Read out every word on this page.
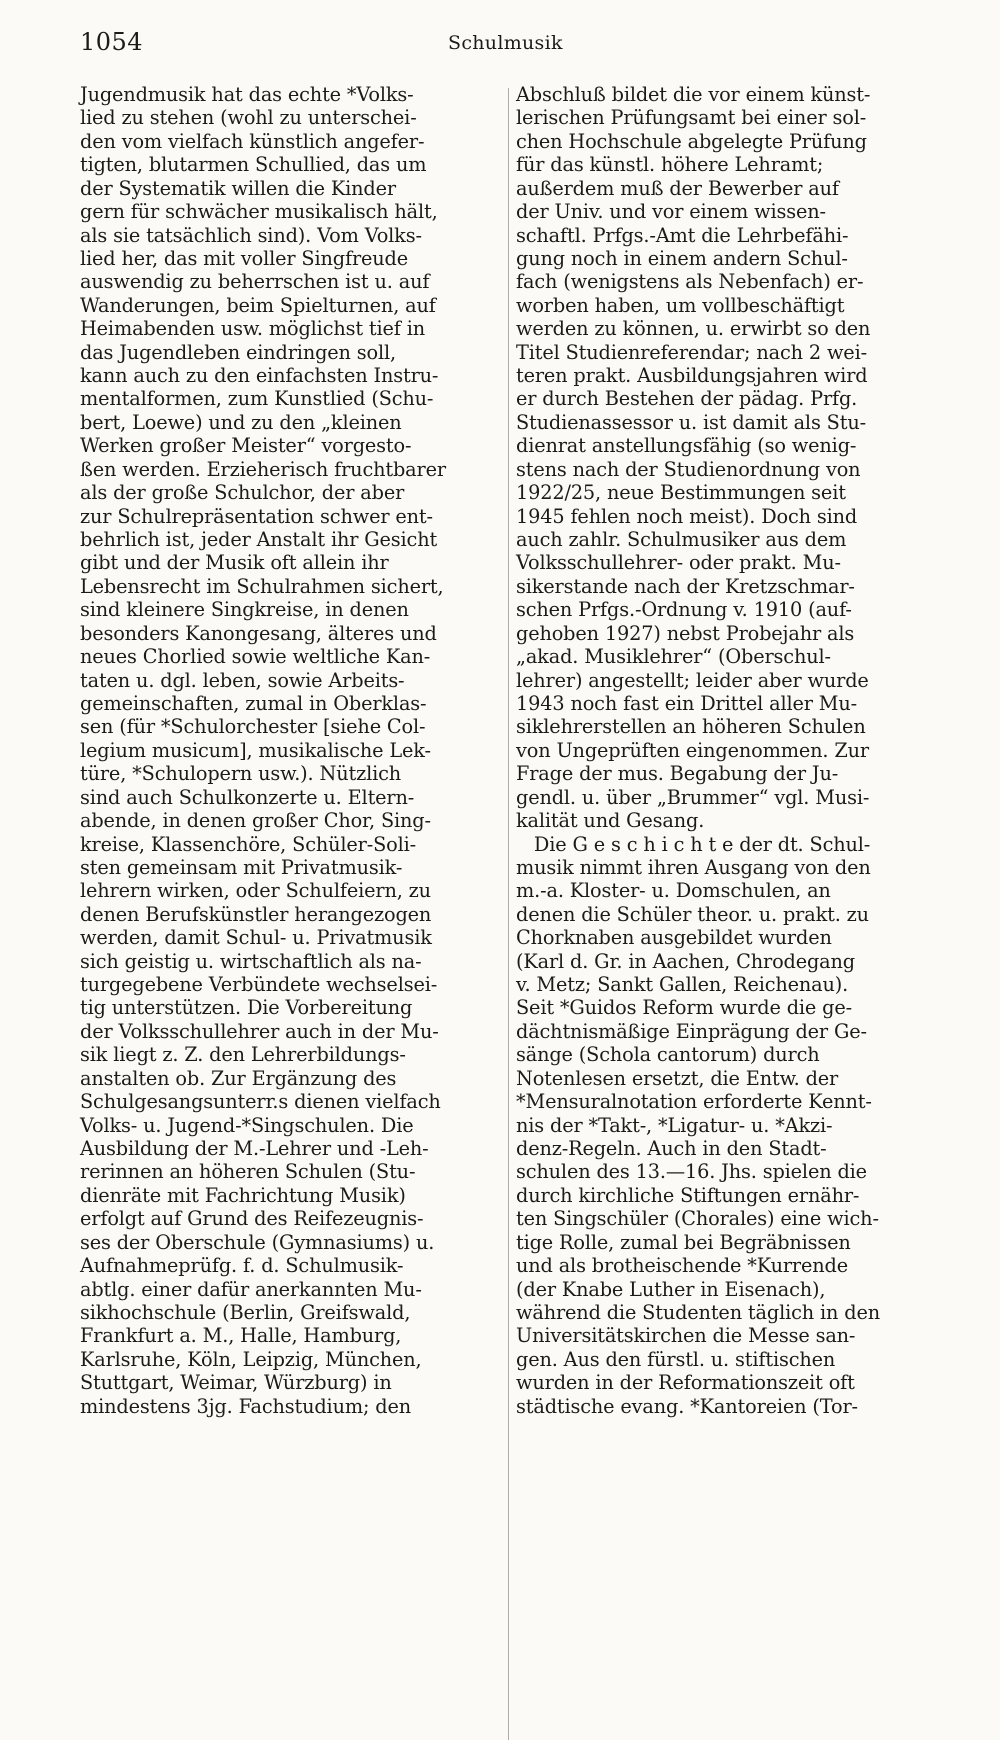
1054	Schulmusik
Jugendmusik hat das echte *Volks-
lied zu stehen (wohl zu unterschei-
den vom vielfach künstlich angefer-
tigten, blutarmen Schullied, das um
der Systematik willen die Kinder
gern für schwächer musikalisch hält,
als sie tatsächlich sind). Vom Volks-
lied her, das mit voller Singfreude
auswendig zu beherrschen ist u. auf
Wanderungen, beim Spielturnen, auf
Heimabenden usw. möglichst tief in
das Jugendleben eindringen soll,
kann auch zu den einfachsten Instru-
mentalformen, zum Kunstlied (Schu-
bert, Loewe) und zu den „kleinen
Werken großer Meister“ vorgesto-
ßen werden. Erzieherisch fruchtbarer
als der große Schulchor, der aber
zur Schulrepräsentation schwer ent-
behrlich ist, jeder Anstalt ihr Gesicht
gibt und der Musik oft allein ihr
Lebensrecht im Schulrahmen sichert,
sind kleinere Singkreise, in denen
besonders Kanongesang, älteres und
neues Chorlied sowie weltliche Kan-
taten u. dgl. leben, sowie Arbeits-
gemeinschaften, zumal in Oberklas-
sen (für *Schulorchester [siehe Col-
legium musicum], musikalische Lek-
türe, *Schulopern usw.). Nützlich
sind auch Schulkonzerte u. Eltern-
abende, in denen großer Chor, Sing-
kreise, Klassenchöre, Schüler-Soli-
sten gemeinsam mit Privatmusik-
lehrern wirken, oder Schulfeiern, zu
denen Berufskünstler herangezogen
werden, damit Schul- u. Privatmusik
sich geistig u. wirtschaftlich als na-
turgegebene Verbündete wechselsei-
tig unterstützen. Die Vorbereitung
der Volksschullehrer auch in der Mu-
sik liegt z. Z. den Lehrerbildungs-
anstalten ob. Zur Ergänzung des
Schulgesangsunterr.s dienen vielfach
Volks- u. Jugend-*Singschulen. Die
Ausbildung der M.-Lehrer und -Leh-
rerinnen an höheren Schulen (Stu-
dienräte mit Fachrichtung Musik)
erfolgt auf Grund des Reifezeugnis-
ses der Oberschule (Gymnasiums) u.
Aufnahmeprüfg. f. d. Schulmusik-
abtlg. einer dafür anerkannten Mu-
sikhochschule (Berlin, Greifswald,
Frankfurt a. M., Halle, Hamburg,
Karlsruhe, Köln, Leipzig, München,
Stuttgart, Weimar, Würzburg) in
mindestens 3jg. Fachstudium; den
Abschluß bildet die vor einem künst-
lerischen Prüfungsamt bei einer sol-
chen Hochschule abgelegte Prüfung
für das künstl. höhere Lehramt;
außerdem muß der Bewerber auf
der Univ. und vor einem wissen-
schaftl. Prfgs.-Amt die Lehrbefähi-
gung noch in einem andern Schul-
fach (wenigstens als Nebenfach) er-
worben haben, um vollbeschäftigt
werden zu können, u. erwirbt so den
Titel Studienreferendar; nach 2 wei-
teren prakt. Ausbildungsjahren wird
er durch Bestehen der pädag. Prfg.
Studienassessor u. ist damit als Stu-
dienrat anstellungsfähig (so wenig-
stens nach der Studienordnung von
1922/25, neue Bestimmungen seit
1945 fehlen noch meist). Doch sind
auch zahlr. Schulmusiker aus dem
Volksschullehrer- oder prakt. Mu-
sikerstande nach der Kretzschmar-
schen Prfgs.-Ordnung v. 1910 (auf-
gehoben 1927) nebst Probejahr als
„akad. Musiklehrer“ (Oberschul-
lehrer) angestellt; leider aber wurde
1943 noch fast ein Drittel aller Mu-
siklehrerstellen an höheren Schulen
von Ungeprüften eingenommen. Zur
Frage der mus. Begabung der Ju-
gendl. u. über „Brummer“ vgl. Musi-
kalität und Gesang.
Die G e s c h i c h t e der dt. Schul-
musik nimmt ihren Ausgang von den
m.-a. Kloster- u. Domschulen, an
denen die Schüler theor. u. prakt. zu
Chorknaben ausgebildet wurden
(Karl d. Gr. in Aachen, Chrodegang
v. Metz; Sankt Gallen, Reichenau).
Seit *Guidos Reform wurde die ge-
dächtnismäßige Einprägung der Ge-
sänge (Schola cantorum) durch
Notenlesen ersetzt, die Entw. der
*Mensuralnotation erforderte Kennt-
nis der *Takt-, *Ligatur- u. *Akzi-
denz-Regeln. Auch in den Stadt-
schulen des 13.—16. Jhs. spielen die
durch kirchliche Stiftungen ernähr-
ten Singschüler (Chorales) eine wich-
tige Rolle, zumal bei Begräbnissen
und als brotheischende *Kurrende
(der Knabe Luther in Eisenach),
während die Studenten täglich in den
Universitätskirchen die Messe san-
gen. Aus den fürstl. u. stiftischen
wurden in der Reformationszeit oft
städtische evang. *Kantoreien (Tor-
